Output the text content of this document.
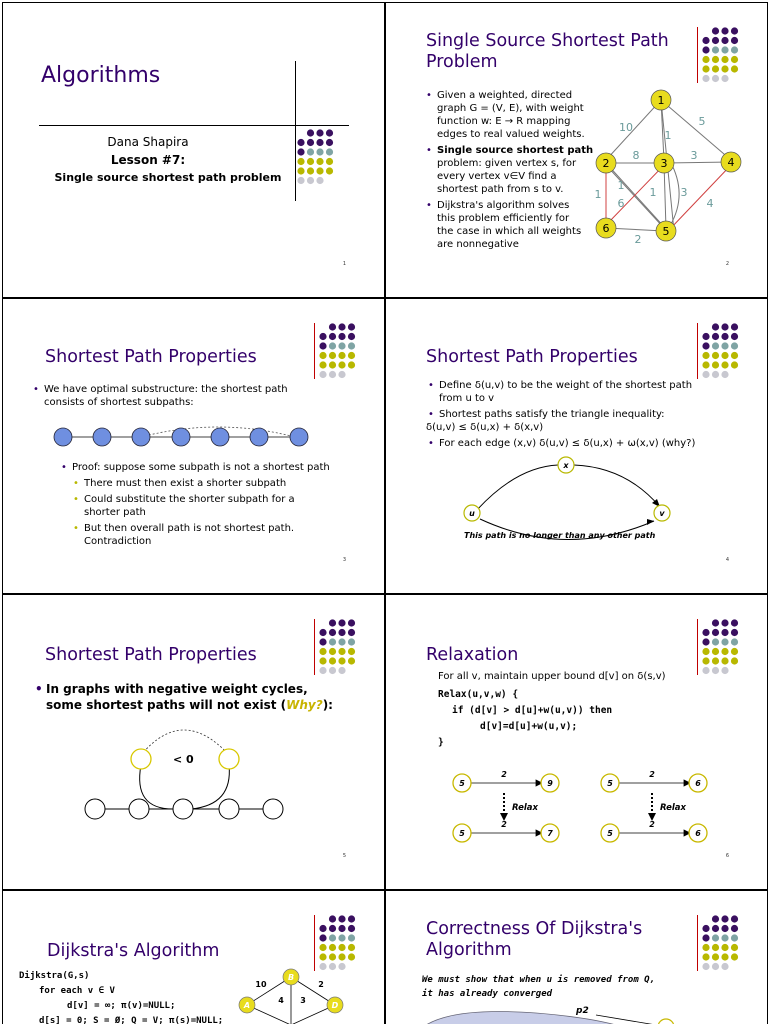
Algorithms
Dana Shapira
Lesson #7:
Single source shortest path problem
1
Single Source Shortest Path
Problem
• Given a weighted, directed
graph G = (V, E), with weight
function w: E → R mapping
edges to real valued weights.
• Single source shortest path
problem: given vertex s, for
every vertex v∈V find a
shortest path from s to v.
• Dijkstra's algorithm solves
this problem efficiently for
the case in which all weights
are nonnegative
1
2	3	4
5
6
10	5
1
8	3
1
1
6
1	3
4
2
2
Shortest Path Properties
• We have optimal substructure: the shortest path
consists of shortest subpaths:
• Proof: suppose some subpath is not a shortest path
• There must then exist a shorter subpath
• Could substitute the shorter subpath for a
shorter path
• But then overall path is not shortest path.
Contradiction
3
Shortest Path Properties
• Define δ(u,v) to be the weight of the shortest path
from u to v
• Shortest paths satisfy the triangle inequality:
δ(u,v) ≤ δ(u,x) + δ(x,v)
• For each edge (x,v) δ(u,v) ≤ δ(u,x) + ω(x,v) (why?)
x
u	v
This path is no longer than any other path
4
Shortest Path Properties
• In graphs with negative weight cycles,
some shortest paths will not exist (Why?):
< 0
5
Relaxation
For all v, maintain upper bound d[v] on δ(s,v)
Relax(u,v,w) {
if (d[v] > d[u]+w(u,v)) then
d[v]=d[u]+w(u,v);
}
5
2
9
5
2
7
5
2
6
5
2
6
Relax	Relax
6
Dijkstra's Algorithm
Dijkstra(G,s)
for each v ∈ V
d[v] = ∞; π(v)=NULL;
d[s] = 0; S = Ø; Q = V; π(s)=NULL;
A
B
D
10
4 3
2
Correctness Of Dijkstra's
Algorithm
We must show that when u is removed from Q,
it has already converged
p2
